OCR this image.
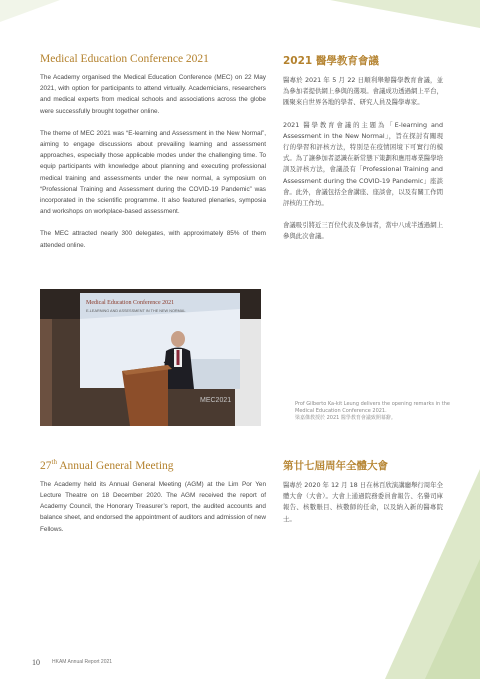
Medical Education Conference 2021

The Academy organised the Medical Education Conference (MEC) on 22 May 2021, with option for participants to attend virtually. Academicians, researchers and medical experts from medical schools and associations across the globe were successfully brought together online.

The theme of MEC 2021 was “E-learning and Assessment in the New Normal”, aiming to engage discussions about prevailing learning and assessment approaches, especially those applicable modes under the challenging time. To equip participants with knowledge about planning and executing professional medical training and assessments under the new normal, a symposium on “Professional Training and Assessment during the COVID-19 Pandemic” was incorporated in the scientific programme. It also featured plenaries, symposia and workshops on workplace-based assessment.

The MEC attracted nearly 300 delegates, with approximately 85% of them attended online.

2021 醫學教育會議

醫專於 2021 年 5 月 22 日順利舉辦醫學教育會議，並為參加者提供網上參與的選項。會議成功透過網上平台，匯聚來自世界各地的學者、研究人員及醫學專家。

2021 醫學教育會議的主題為「E-learning and Assessment in the New Normal」，旨在探討有關現行的學習和評核方法，特別是在疫情困境下可實行的模式。為了讓參加者認識在新常態下策劃和應用專業醫學培訓及評核方法，會議設有「Professional Training and Assessment during the COVID-19 Pandemic」座談會。此外，會議包括全會講座、座談會，以及有關工作間評核的工作坊。

會議吸引將近三百位代表及參加者，當中八成半透過網上參與此次會議。

Medical Education Conference 2021
E-LEARNING AND ASSESSMENT IN THE NEW NORMAL
MEC2021	Prof Gilberto Ka-kit Leung delivers the opening remarks in the Medical Education Conference 2021.
梁嘉傑教授於 2021 醫學教育會議致開幕辭。
27th Annual General Meeting

The Academy held its Annual General Meeting (AGM) at the Lim Por Yen Lecture Theatre on 18 December 2020. The AGM received the report of Academy Council, the Honorary Treasurer’s report, the audited accounts and balance sheet, and endorsed the appointment of auditors and admission of new Fellows.

第廿七屆周年全體大會

醫專於 2020 年 12 月 18 日在林百欣演講廳舉行周年全體大會（大會）。大會上通過院務委員會報告、名譽司庫報告、核數賬目、核數師的任命，以及納入新的醫專院士。

10 HKAM Annual Report 2021
